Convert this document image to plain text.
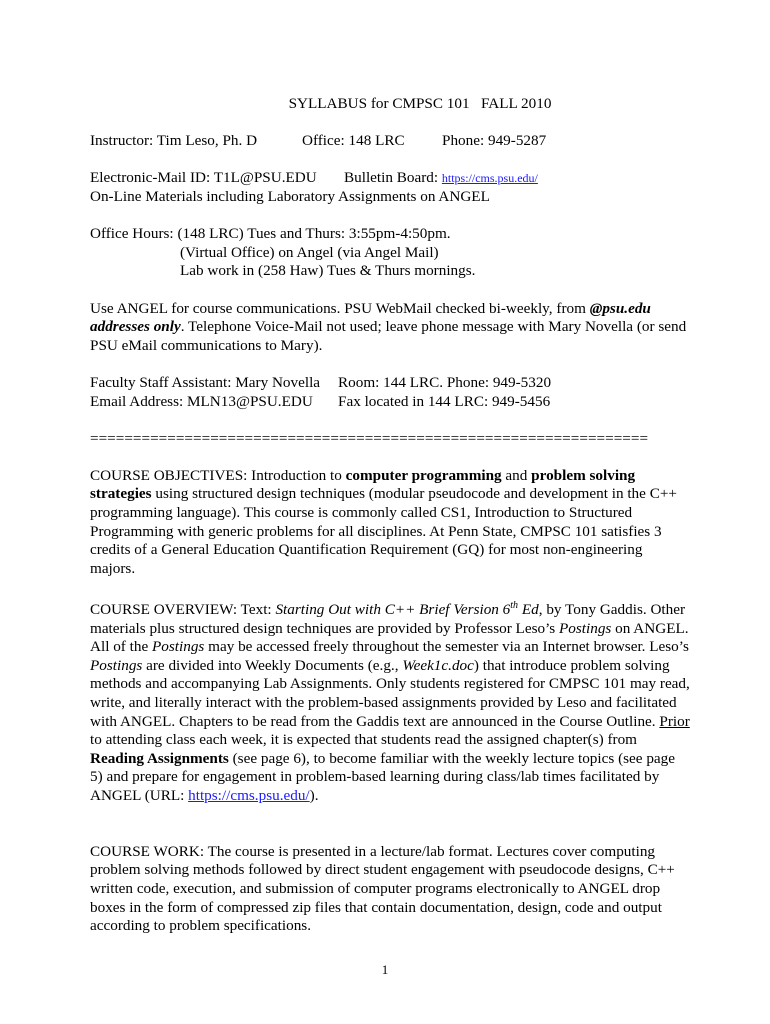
SYLLABUS for CMPSC 101   FALL 2010

Instructor: Tim Leso, Ph. D	Office: 148 LRC Phone: 949-5287
Electronic-Mail ID: T1L@PSU.EDU Bulletin Board: https://cms.psu.edu/

On-Line Materials including Laboratory Assignments on ANGEL

Office Hours: (148 LRC) Tues and Thurs: 3:55pm-4:50pm.

(Virtual Office) on Angel (via Angel Mail)

Lab work in (258 Haw) Tues & Thurs mornings.

Use ANGEL for course communications. PSU WebMail checked bi-weekly, from @psu.edu addresses only. Telephone Voice-Mail not used; leave phone message with Mary Novella (or send PSU eMail communications to Mary).

Faculty Staff Assistant: Mary Novella Room: 144 LRC. Phone: 949-5320
Email Address: MLN13@PSU.EDU Fax located in 144 LRC: 949-5456

=================================================================

COURSE OBJECTIVES: Introduction to computer programming and problem solving strategies using structured design techniques (modular pseudocode and development in the C++ programming language). This course is commonly called CS1, Introduction to Structured Programming with generic problems for all disciplines. At Penn State, CMPSC 101 satisfies 3 credits of a General Education Quantification Requirement (GQ) for most non-engineering majors.

COURSE OVERVIEW: Text: Starting Out with C++ Brief Version 6th Ed, by Tony Gaddis. Other materials plus structured design techniques are provided by Professor Leso’s Postings on ANGEL. All of the Postings may be accessed freely throughout the semester via an Internet browser. Leso’s Postings are divided into Weekly Documents (e.g., Week1c.doc) that introduce problem solving methods and accompanying Lab Assignments. Only students registered for CMPSC 101 may read, write, and literally interact with the problem-based assignments provided by Leso and facilitated with ANGEL. Chapters to be read from the Gaddis text are announced in the Course Outline. Prior to attending class each week, it is expected that students read the assigned chapter(s) from Reading Assignments (see page 6), to become familiar with the weekly lecture topics (see page 5) and prepare for engagement in problem-based learning during class/lab times facilitated by ANGEL (URL: https://cms.psu.edu/).

COURSE WORK: The course is presented in a lecture/lab format. Lectures cover computing problem solving methods followed by direct student engagement with pseudocode designs, C++ written code, execution, and submission of computer programs electronically to ANGEL drop boxes in the form of compressed zip files that contain documentation, design, code and output according to problem specifications.

1
